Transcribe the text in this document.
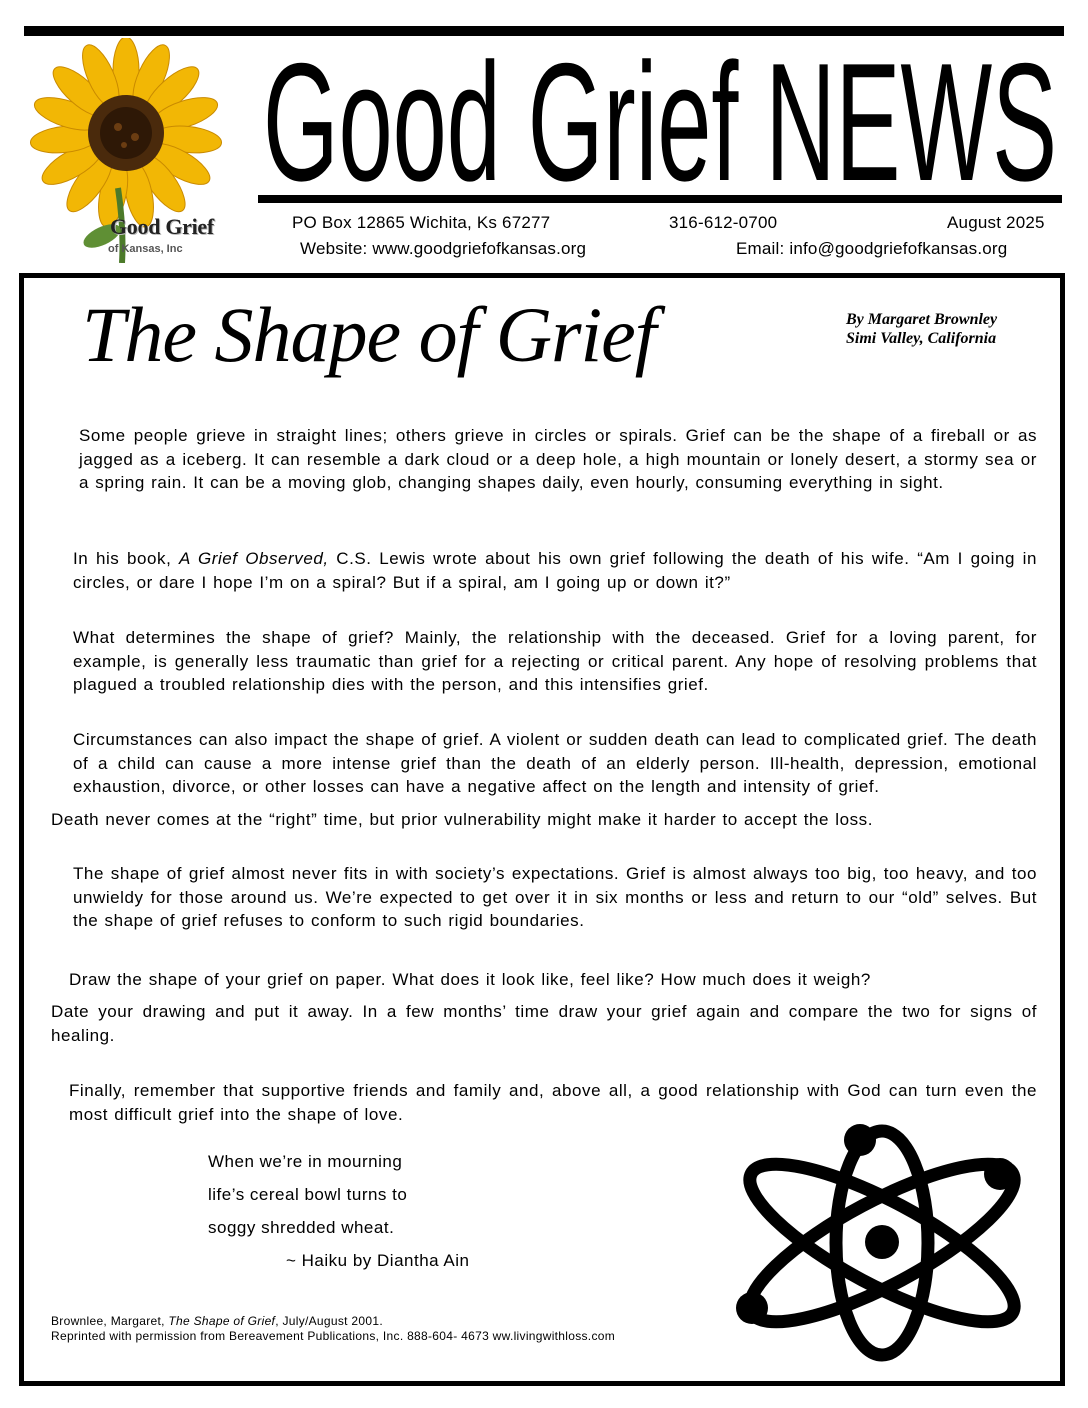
Good Grief
of Kansas, Inc
Good Grief NEWS
PO Box 12865 Wichita, Ks 67277	316-612-0700	August 2025
Website: www.goodgriefofkansas.org	Email: info@goodgriefofkansas.org
The Shape of Grief	By Margaret Brownley
Simi Valley, California
Some people grieve in straight lines; others grieve in circles or spirals. Grief can be the shape of a fireball or as jagged as a iceberg. It can resemble a dark cloud or a deep hole, a high mountain or lonely desert, a stormy sea or a spring rain. It can be a moving glob, changing shapes daily, even hourly, consuming everything in sight.
In his book, A Grief Observed, C.S. Lewis wrote about his own grief following the death of his wife. “Am I going in circles, or dare I hope I’m on a spiral? But if a spiral, am I going up or down it?”
What determines the shape of grief? Mainly, the relationship with the deceased. Grief for a loving parent, for example, is generally less traumatic than grief for a rejecting or critical parent. Any hope of resolving problems that plagued a troubled relationship dies with the person, and this intensifies grief.
Circumstances can also impact the shape of grief. A violent or sudden death can lead to complicated grief. The death of a child can cause a more intense grief than the death of an elderly person. Ill-health, depression, emotional exhaustion, divorce, or other losses can have a negative affect on the length and intensity of grief.
Death never comes at the “right” time, but prior vulnerability might make it harder to accept the loss.
The shape of grief almost never fits in with society’s expectations. Grief is almost always too big, too heavy, and too unwieldy for those around us. We’re expected to get over it in six months or less and return to our “old” selves. But the shape of grief refuses to conform to such rigid boundaries.
Draw the shape of your grief on paper. What does it look like, feel like? How much does it weigh?
Date your drawing and put it away. In a few months’ time draw your grief again and compare the two for signs of healing.
Finally, remember that supportive friends and family and, above all, a good relationship with God can turn even the most difficult grief into the shape of love.
When we’re in mourning
life’s cereal bowl turns to
soggy shredded wheat.
~ Haiku by Diantha Ain
Brownlee, Margaret, The Shape of Grief, July/August 2001.
Reprinted with permission from Bereavement Publications, Inc. 888-604- 4673 ww.livingwithloss.com
